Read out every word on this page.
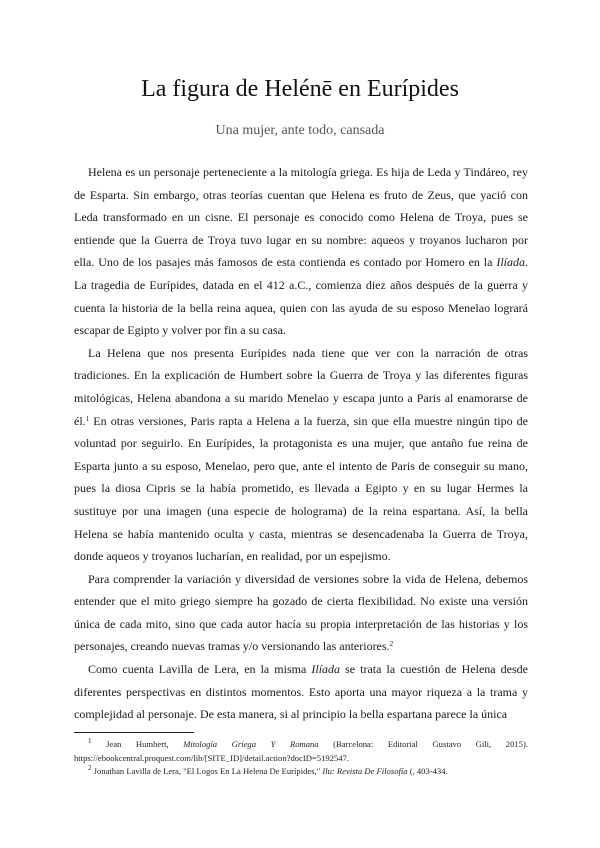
La figura de Helénē en Eurípides

Una mujer, ante todo, cansada

Helena es un personaje perteneciente a la mitología griega. Es hija de Leda y Tindáreo, rey de Esparta. Sin embargo, otras teorías cuentan que Helena es fruto de Zeus, que yació con Leda transformado en un cisne. El personaje es conocido como Helena de Troya, pues se entiende que la Guerra de Troya tuvo lugar en su nombre: aqueos y troyanos lucharon por ella. Uno de los pasajes más famosos de esta contienda es contado por Homero en la Ilíada. La tragedia de Eurípides, datada en el 412 a.C., comienza diez años después de la guerra y cuenta la historia de la bella reina aquea, quien con las ayuda de su esposo Menelao logrará escapar de Egipto y volver por fin a su casa.

La Helena que nos presenta Eurípides nada tiene que ver con la narración de otras tradiciones. En la explicación de Humbert sobre la Guerra de Troya y las diferentes figuras mitológicas, Helena abandona a su marido Menelao y escapa junto a Paris al enamorarse de él.$^1$ En otras versiones, Paris rapta a Helena a la fuerza, sin que ella muestre ningún tipo de voluntad por seguirlo. En Eurípides, la protagonista es una mujer, que antaño fue reina de Esparta junto a su esposo, Menelao, pero que, ante el intento de Paris de conseguir su mano, pues la diosa Cipris se la había prometido, es llevada a Egipto y en su lugar Hermes la sustituye por una imagen (una especie de holograma) de la reina espartana. Así, la bella Helena se había mantenido oculta y casta, mientras se desencadenaba la Guerra de Troya, donde aqueos y troyanos lucharían, en realidad, por un espejismo.

Para comprender la variación y diversidad de versiones sobre la vida de Helena, debemos entender que el mito griego siempre ha gozado de cierta flexibilidad. No existe una versión única de cada mito, sino que cada autor hacía su propia interpretación de las historias y los personajes, creando nuevas tramas y/o versionando las anteriores.$^2$

Como cuenta Lavilla de Lera, en la misma Ilíada se trata la cuestión de Helena desde diferentes perspectivas en distintos momentos. Esto aporta una mayor riqueza a la trama y complejidad al personaje. De esta manera, si al principio la bella espartana parece la única

$^1$ Jean Humbert, Mitología Griega Y Romana (Barcelona: Editorial Gustavo Gili, 2015). https://ebookcentral.proquest.com/lib/[SITE_ID]/detail.action?docID=5192547.

$^2$ Jonathan Lavilla de Lera, "El Logos En La Helena De Eurípides," Ilu: Revista De Filosofía (, 403-434.
